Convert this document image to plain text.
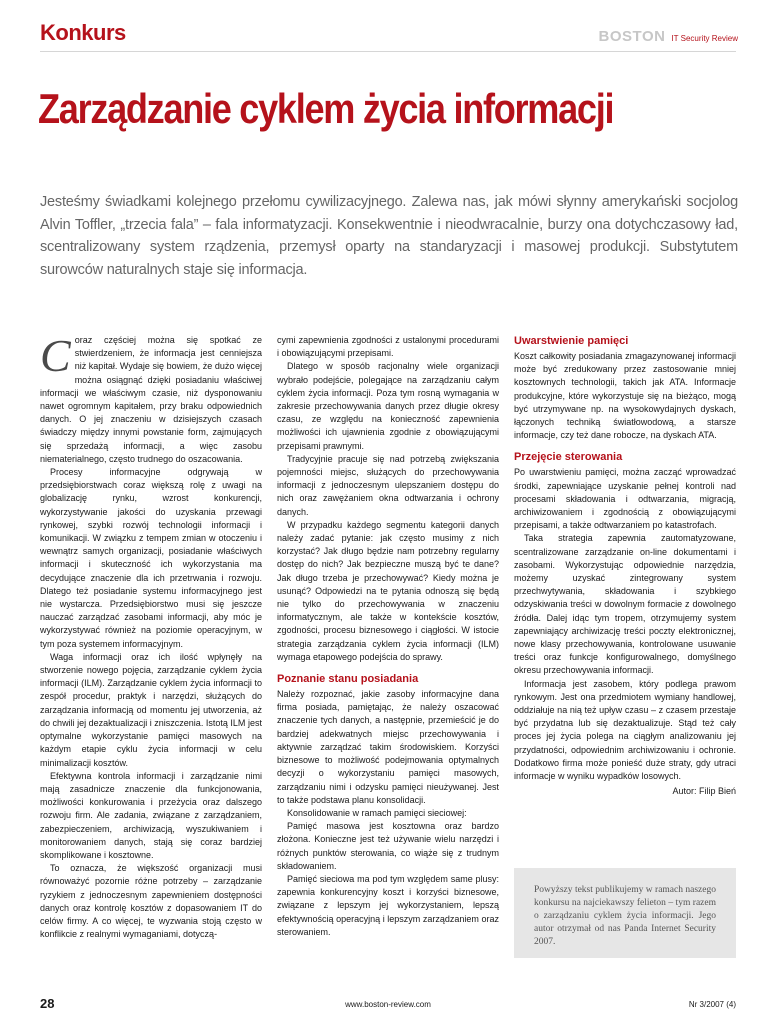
Konkurs	BOSTON IT Security Review
Zarządzanie cyklem życia informacji

Jesteśmy świadkami kolejnego przełomu cywilizacyjnego. Zalewa nas, jak mówi słynny amerykański socjolog Alvin Toffler, „trzecia fala” – fala informatyzacji. Konsekwentnie i nieodwracalnie, burzy ona dotychczasowy ład, scentralizowany system rządzenia, przemysł oparty na standaryzacji i masowej produkcji. Substytutem surowców naturalnych staje się informacja.

Coraz częściej można się spotkać ze stwierdzeniem, że informacja jest cenniejsza niż kapitał. Wydaje się bowiem, że dużo więcej można osiągnąć dzięki posiadaniu właściwej informacji we właściwym czasie, niż dysponowaniu nawet ogromnym kapitałem, przy braku odpowiednich danych. O jej znaczeniu w dzisiejszych czasach świadczy między innymi powstanie form, zajmujących się sprzedażą informacji, a więc zasobu niematerialnego, często trudnego do oszacowania.

Procesy informacyjne odgrywają w przedsiębiorstwach coraz większą rolę z uwagi na globalizację rynku, wzrost konkurencji, wykorzystywanie jakości do uzyskania przewagi rynkowej, szybki rozwój technologii informacji i komunikacji. W związku z tempem zmian w otoczeniu i wewnątrz samych organizacji, posiadanie właściwych informacji i skuteczność ich wykorzystania ma decydujące znaczenie dla ich przetrwania i rozwoju. Dlatego też posiadanie systemu informacyjnego jest nie wystarcza. Przedsiębiorstwo musi się jeszcze nauczać zarządzać zasobami informacji, aby móc je wykorzystywać również na poziomie operacyjnym, w tym poza systemem informacyjnym.

Waga informacji oraz ich ilość wpłynęły na stworzenie nowego pojęcia, zarządzanie cyklem życia informacji (ILM). Zarządzanie cyklem życia informacji to zespół procedur, praktyk i narzędzi, służących do zarządzania informacją od momentu jej utworzenia, aż do chwili jej dezaktualizacji i zniszczenia. Istotą ILM jest optymalne wykorzystanie pamięci masowych na każdym etapie cyklu życia informacji w celu minimalizacji kosztów.

Efektywna kontrola informacji i zarządzanie nimi mają zasadnicze znaczenie dla funkcjonowania, możliwości konkurowania i przeżycia oraz dalszego rozwoju firm. Ale zadania, związane z zarządzaniem, zabezpieczeniem, archiwizacją, wyszukiwaniem i monitorowaniem danych, stają się coraz bardziej skomplikowane i kosztowne.

To oznacza, że większość organizacji musi równoważyć pozornie różne potrzeby – zarządzanie ryzykiem z jednoczesnym zapewnieniem dostępności danych oraz kontrolę kosztów z dopasowaniem IT do celów firmy. A co więcej, te wyzwania stoją często w konflikcie z realnymi wymaganiami, dotyczą-

cymi zapewnienia zgodności z ustalonymi procedurami i obowiązującymi przepisami.

Dlatego w sposób racjonalny wiele organizacji wybrało podejście, polegające na zarządzaniu całym cyklem życia informacji. Poza tym rosną wymagania w zakresie przechowywania danych przez długie okresy czasu, ze względu na konieczność zapewnienia możliwości ich ujawnienia zgodnie z obowiązującymi przepisami prawnymi.

Tradycyjnie pracuje się nad potrzebą zwiększania pojemności miejsc, służących do przechowywania informacji z jednoczesnym ulepszaniem dostępu do nich oraz zawężaniem okna odtwarzania i ochrony danych.

W przypadku każdego segmentu kategorii danych należy zadać pytanie: jak często musimy z nich korzystać? Jak długo będzie nam potrzebny regularny dostęp do nich? Jak bezpieczne muszą być te dane? Jak długo trzeba je przechowywać? Kiedy można je usunąć? Odpowiedzi na te pytania odnoszą się będą nie tylko do przechowywania w znaczeniu informatycznym, ale także w kontekście kosztów, zgodności, procesu biznesowego i ciągłości. W istocie strategia zarządzania cyklem życia informacji (ILM) wymaga etapowego podejścia do sprawy.

Poznanie stanu posiadania

Należy rozpoznać, jakie zasoby informacyjne dana firma posiada, pamiętając, że należy oszacować znaczenie tych danych, a następnie, przemieścić je do bardziej adekwatnych miejsc przechowywania i aktywnie zarządzać takim środowiskiem. Korzyści biznesowe to możliwość podejmowania optymalnych decyzji o wykorzystaniu pamięci masowych, zarządzaniu nimi i odzysku pamięci nieużywanej. Jest to także podstawa planu konsolidacji.

Konsolidowanie w ramach pamięci sieciowej:

Pamięć masowa jest kosztowna oraz bardzo złożona. Konieczne jest też używanie wielu narzędzi i różnych punktów sterowania, co wiąże się z trudnym składowaniem.

Pamięć sieciowa ma pod tym względem same plusy: zapewnia konkurencyjny koszt i korzyści biznesowe, związane z lepszym jej wykorzystaniem, lepszą efektywnością operacyjną i lepszym zarządzaniem oraz sterowaniem.

Uwarstwienie pamięci

Koszt całkowity posiadania zmagazynowanej informacji może być zredukowany przez zastosowanie mniej kosztownych technologii, takich jak ATA. Informacje produkcyjne, które wykorzystuje się na bieżąco, mogą być utrzymywane np. na wysokowydajnych dyskach, łączonych techniką światłowodową, a starsze informacje, czy też dane robocze, na dyskach ATA.

Przejęcie sterowania

Po uwarstwieniu pamięci, można zacząć wprowadzać środki, zapewniające uzyskanie pełnej kontroli nad procesami składowania i odtwarzania, migracją, archiwizowaniem i zgodnością z obowiązującymi przepisami, a także odtwarzaniem po katastrofach.

Taka strategia zapewnia zautomatyzowane, scentralizowane zarządzanie on-line dokumentami i zasobami. Wykorzystując odpowiednie narzędzia, możemy uzyskać zintegrowany system przechwytywania, składowania i szybkiego odzyskiwania treści w dowolnym formacie z dowolnego źródła. Dalej idąc tym tropem, otrzymujemy system zapewniający archiwizację treści poczty elektronicznej, nowe klasy przechowywania, kontrolowane usuwanie treści oraz funkcje konfigurowalnego, domyślnego okresu przechowywania informacji.

Informacja jest zasobem, który podlega prawom rynkowym. Jest ona przedmiotem wymiany handlowej, oddziałuje na nią też upływ czasu – z czasem przestaje być przydatna lub się dezaktualizuje. Stąd też cały proces jej życia polega na ciągłym analizowaniu jej przydatności, odpowiednim archiwizowaniu i ochronie. Dodatkowo firma może ponieść duże straty, gdy utraci informacje w wyniku wypadków losowych.

Autor: Filip Bień

Powyższy tekst publikujemy w ramach naszego konkursu na najciekawszy felieton – tym razem o zarządzaniu cyklem życia informacji. Jego autor otrzymał od nas Panda Internet Security 2007.
28	www.boston-review.com	Nr 3/2007 (4)
